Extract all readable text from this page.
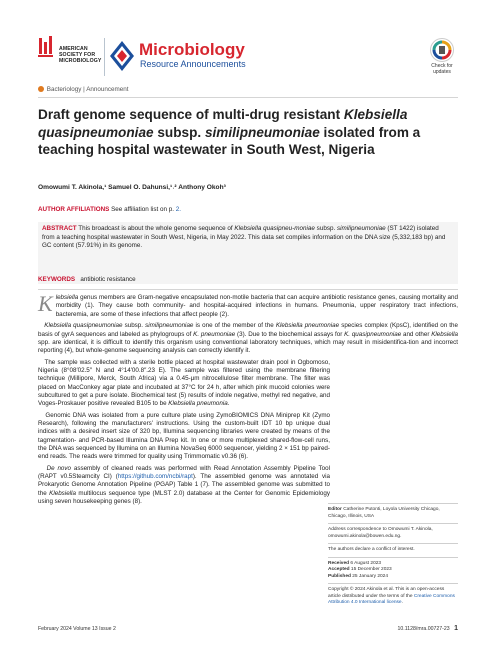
AMERICAN
SOCIETY FOR
MICROBIOLOGY
Microbiology
Resource Announcements	Check for
updates
Bacteriology | Announcement
Draft genome sequence of multi-drug resistant Klebsiella quasipneumoniae subsp. similipneumoniae isolated from a teaching hospital wastewater in South West, Nigeria
Omowumi T. Akinola,¹ Samuel O. Dahunsi,¹˒² Anthony Okoh³
AUTHOR AFFILIATIONS See affiliation list on p. 2.
ABSTRACT This broadcast is about the whole genome sequence of Klebsiella quasipneu-moniae subsp. similipneumoniae (ST 1422) isolated from a teaching hospital wastewater in South West, Nigeria, in May 2022. This data set compiles information on the DNA size (5,332,183 bp) and GC content (57.91%) in its genome.
KEYWORDS antibiotic resistance

Klebsiella genus members are Gram-negative encapsulated non-motile bacteria that can acquire antibiotic resistance genes, causing mortality and morbidity (1). They cause both community- and hospital-acquired infections in humans. Pneumonia, upper respiratory tract infections, bacteremia, are some of these infections that affect people (2).

Klebsiella quasipneumoniae subsp. similipneumoniae is one of the member of the Klebsiella pneumoniae species complex (KpsC), identified on the basis of gyrA sequences and labeled as phylogroups of K. pneumoniae (3). Due to the biochemical assays for K. quasipneumoniae and other Klebsiella spp. are identical, it is difficult to identify this organism using conventional laboratory techniques, which may result in misidentifica-tion and incorrect reporting (4), but whole-genome sequencing analysis can correctly identify it.

The sample was collected with a sterile bottle placed at hospital wastewater drain pool in Ogbomoso, Nigeria (8°08′02.5″ N and 4°14′00.8″.23 E). The sample was filtered using the membrane filtering technique (Millipore, Merck, South Africa) via a 0.45-μm nitrocellulose filter membrane. The filter was placed on MacConkey agar plate and incubated at 37°C for 24 h, after which pink mucoid colonies were subcultured to get a pure isolate. Biochemical test (5) results of indole negative, methyl red negative, and Voges-Proskauer positive revealed B105 to be Klebsiella pneumonia.

Genomic DNA was isolated from a pure culture plate using ZymoBIOMICS DNA Miniprep Kit (Zymo Research), following the manufacturers' instructions. Using the custom-built IDT 10 bp unique dual indices with a desired insert size of 320 bp, Illumina sequencing libraries were created by means of the tagmentation- and PCR-based Illumina DNA Prep kit. In one or more multiplexed shared-flow-cell runs, the DNA was sequenced by Illumina on an Illumina NovaSeq 6000 sequencer, yielding 2 × 151 bp paired-end reads. The reads were trimmed for quality using Trimmomatic v0.36 (6).

De novo assembly of cleaned reads was performed with Read Annotation Assembly Pipeline Tool (RAPT v0.5Steamcity CI) (https://github.com/ncbi/rapt). The assembled genome was annotated via Prokaryotic Genome Annotation Pipeline (PGAP) Table 1 (7). The assembled genome was submitted to the Klebsiella multilocus sequence type (MLST 2.0) database at the Center for Genomic Epidemiology using seven housekeeping genes (8).

Editor Catherine Putonti, Loyola University Chicago, Chicago, Illinois, USA
Address correspondence to Omowumi T. Akinola, omowumi.akinola@bowen.edu.ng.
The authors declare a conflict of interest.
Received 6 August 2023
Accepted 15 December 2023
Published 25 January 2024
Copyright © 2024 Akinola et al. This is an open-access article distributed under the terms of the Creative Commons Attribution 4.0 International license.
February 2024 Volume 13 Issue 2	10.1128/mra.00727-23 1
